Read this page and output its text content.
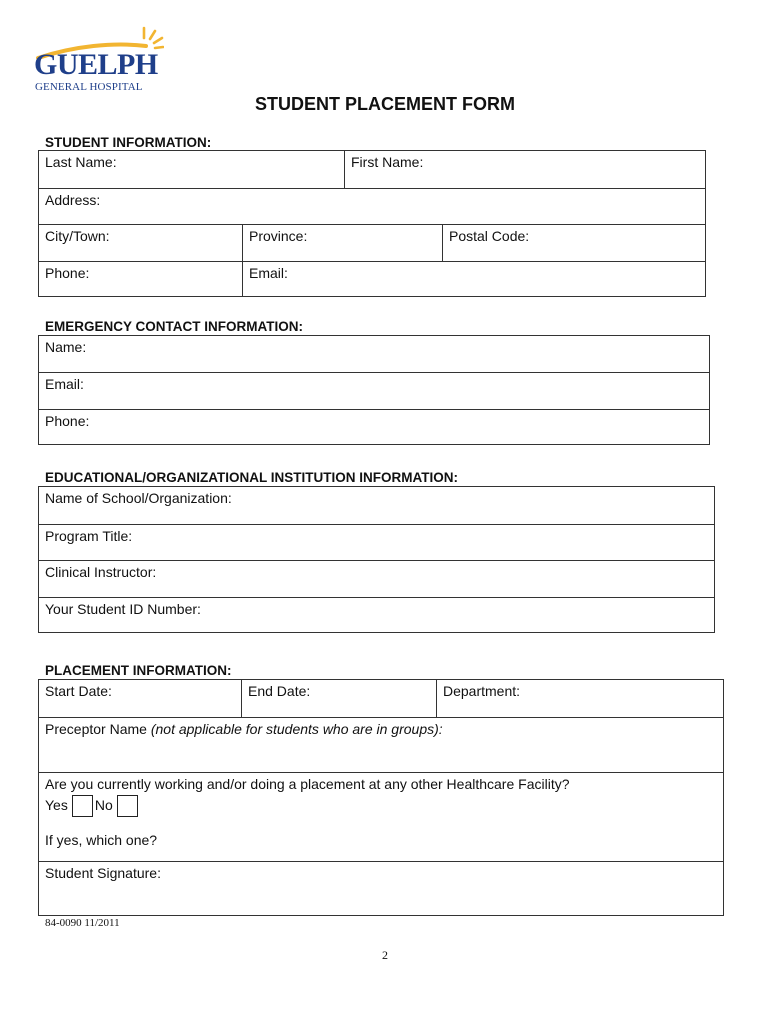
GUELPH
GENERAL HOSPITAL
STUDENT PLACEMENT FORM
STUDENT INFORMATION:
Last Name:	First Name:
Address:
City/Town:	Province:	Postal Code:
Phone:	Email:
EMERGENCY CONTACT INFORMATION:
Name:
Email:
Phone:
EDUCATIONAL/ORGANIZATIONAL INSTITUTION INFORMATION:
Name of School/Organization:
Program Title:
Clinical Instructor:
Your Student ID Number:
PLACEMENT INFORMATION:
Start Date:	End Date:	Department:
Preceptor Name (not applicable for students who are in groups):
Are you currently working and/or doing a placement at any other Healthcare Facility?
Yes No
If yes, which one?
Student Signature:
84-0090 11/2011
2
